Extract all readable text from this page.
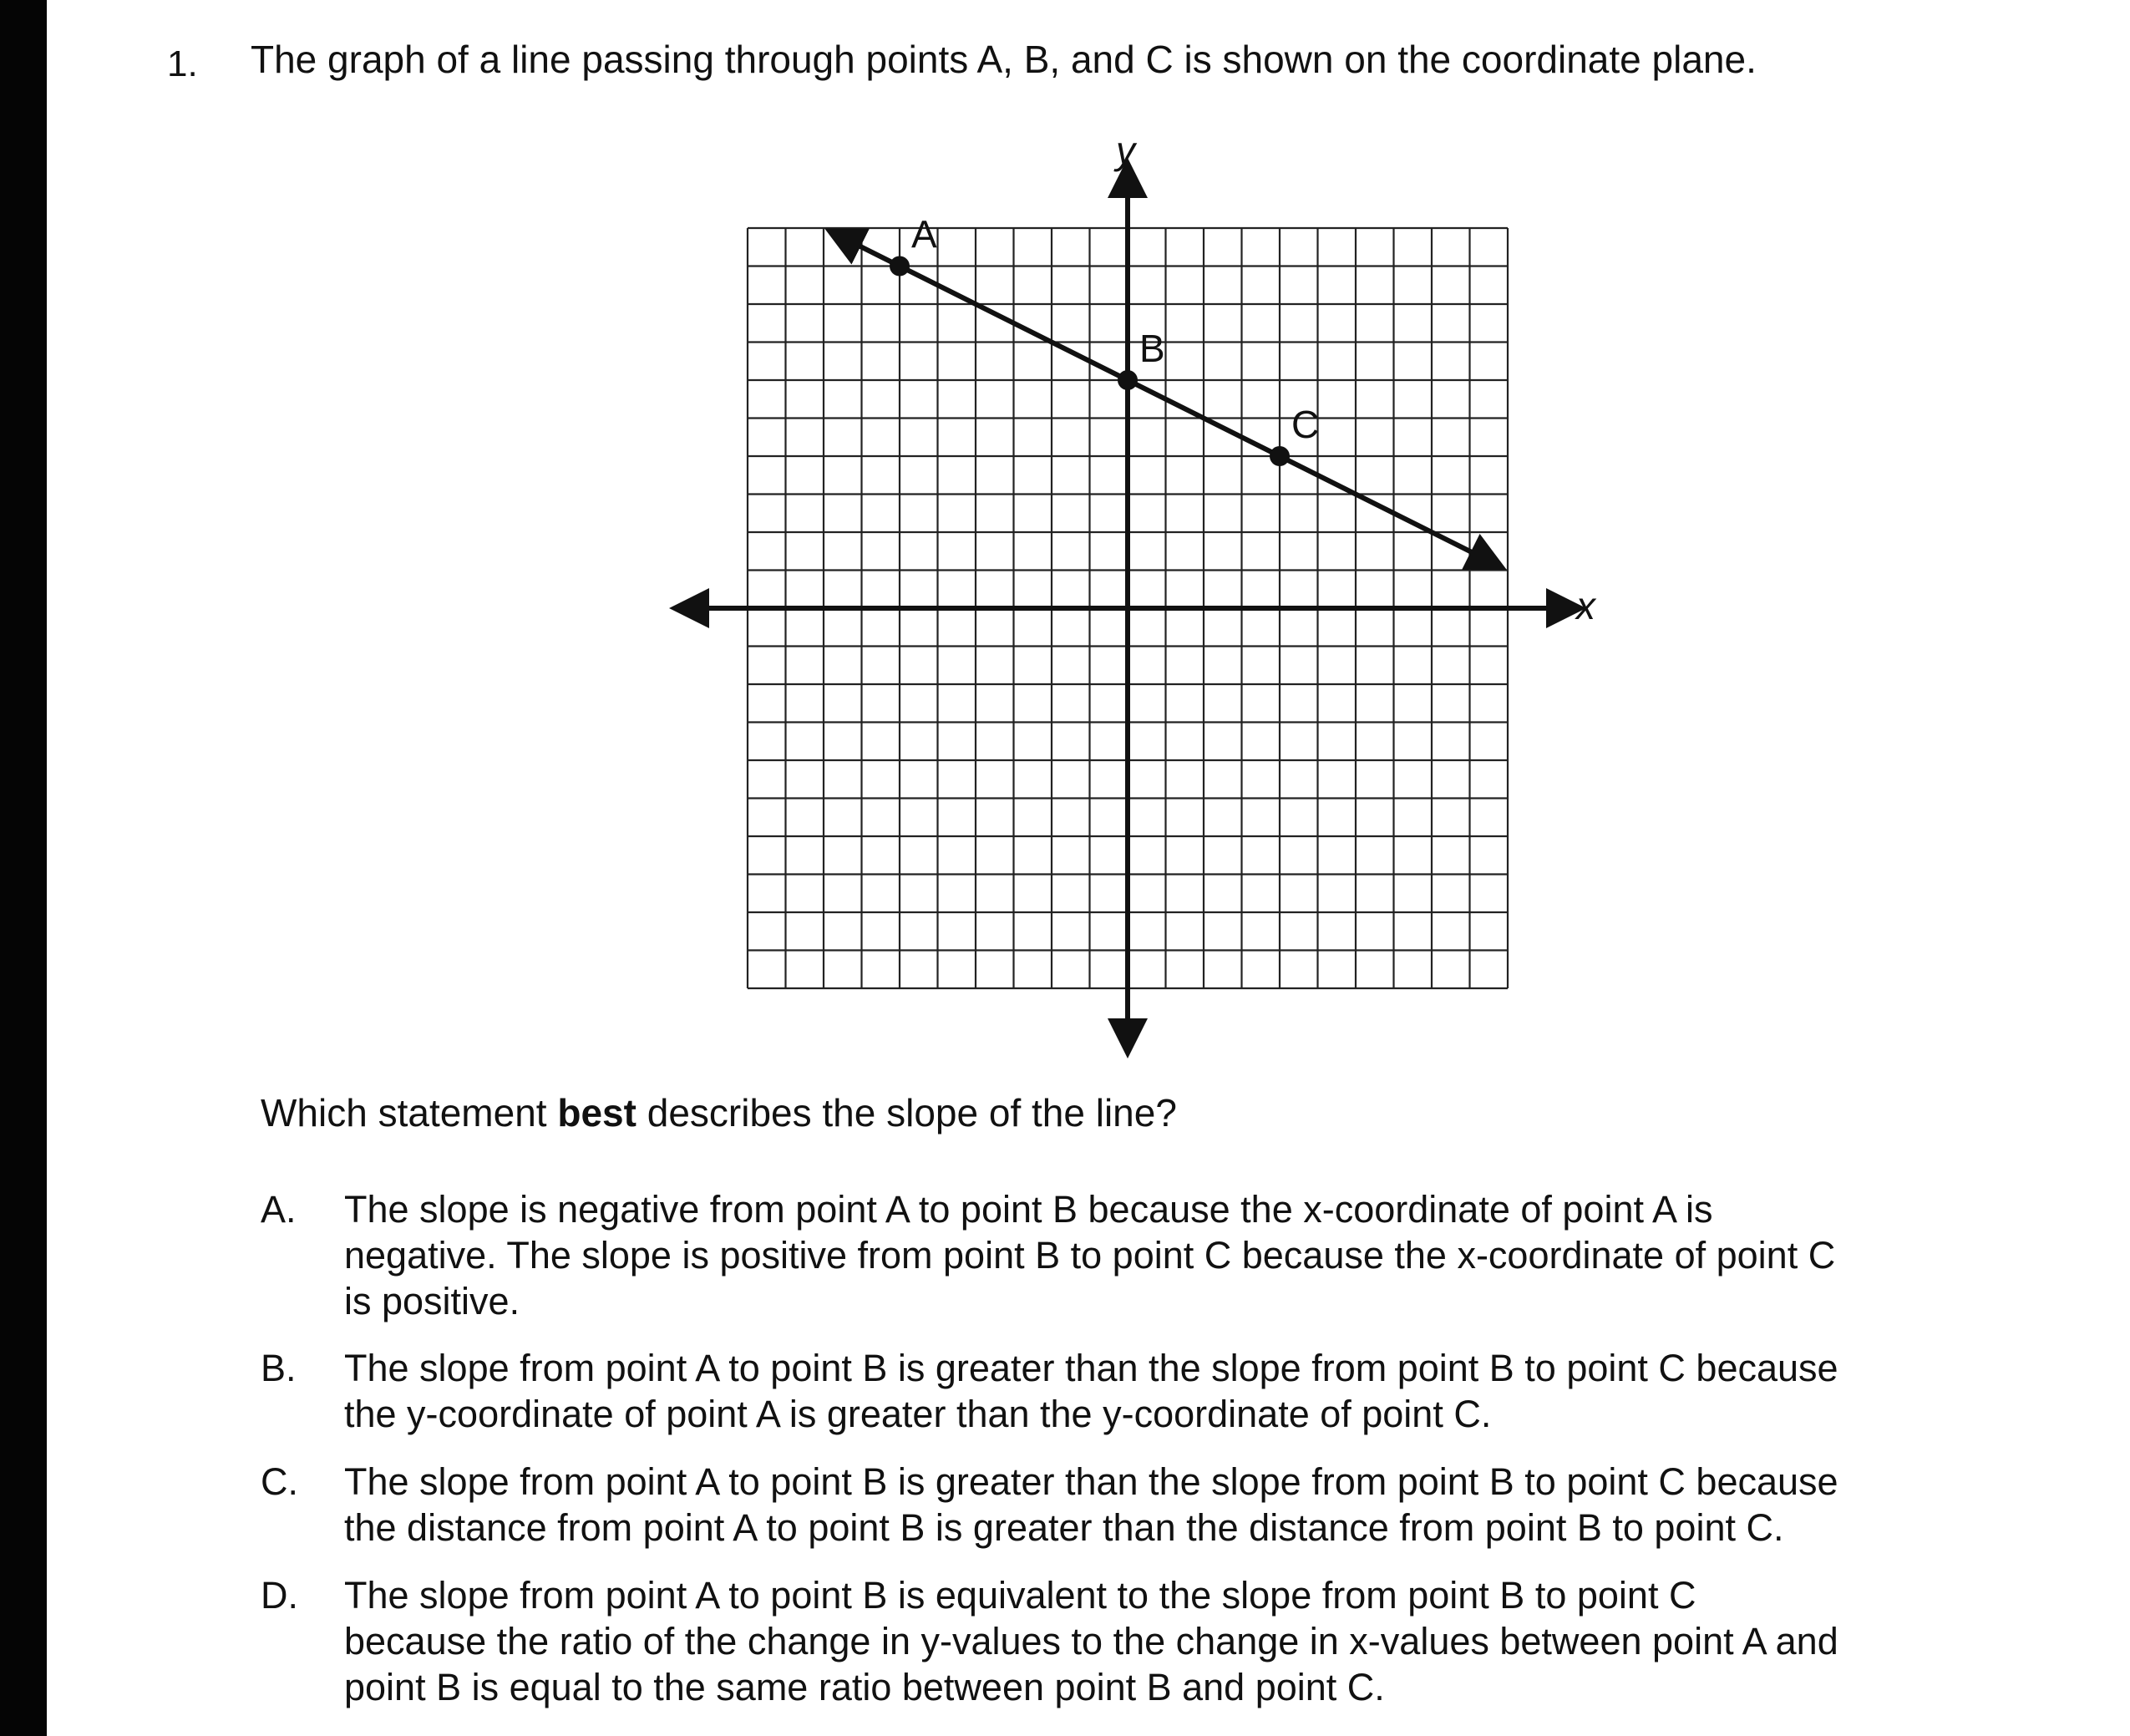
1. The graph of a line passing through points A, B, and C is shown on the coordinate plane.
A
B
C
y
x
Which statement best describes the slope of the line?
A. The slope is negative from point A to point B because the x-coordinate of point A is
negative. The slope is positive from point B to point C because the x-coordinate of point C
is positive.
B. The slope from point A to point B is greater than the slope from point B to point C because
the y-coordinate of point A is greater than the y-coordinate of point C.
C. The slope from point A to point B is greater than the slope from point B to point C because
the distance from point A to point B is greater than the distance from point B to point C.
D. The slope from point A to point B is equivalent to the slope from point B to point C
because the ratio of the change in y-values to the change in x-values between point A and
point B is equal to the same ratio between point B and point C.
